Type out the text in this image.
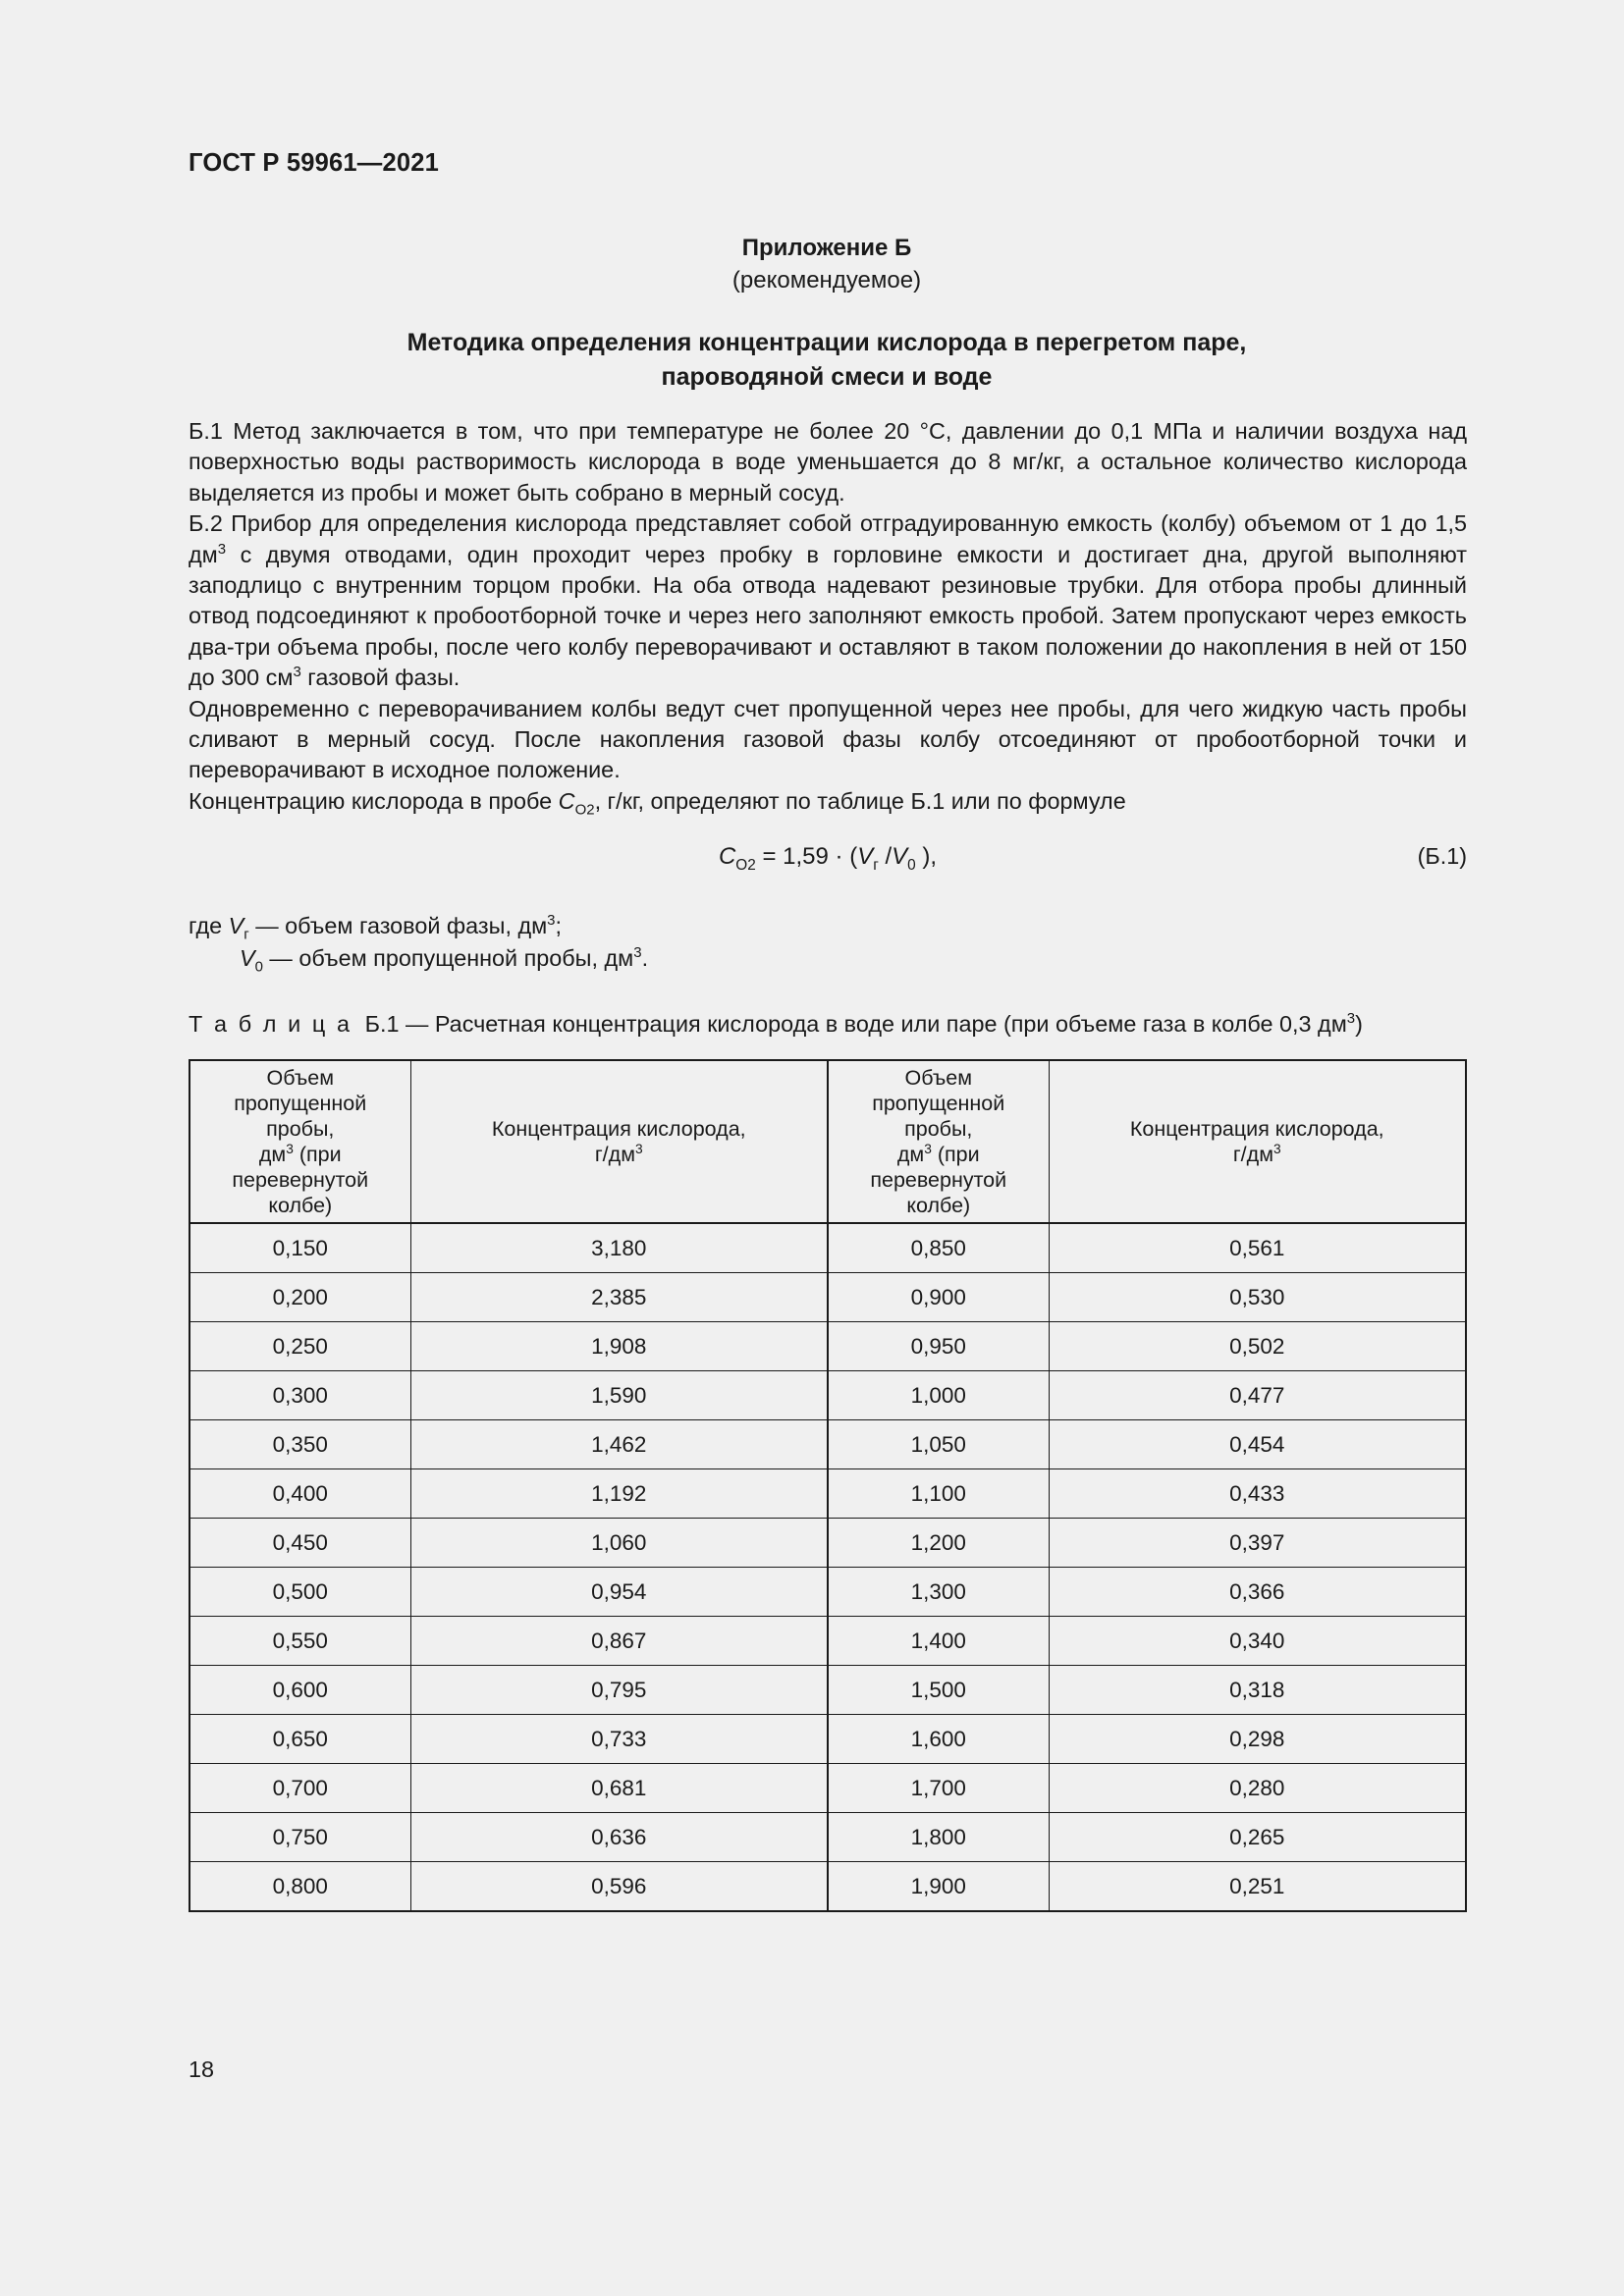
ГОСТ Р 59961—2021
Приложение Б
(рекомендуемое)
Методика определения концентрации кислорода в перегретом паре,
пароводяной смеси и воде

Б.1 Метод заключается в том, что при температуре не более 20 °C, давлении до 0,1 МПа и наличии воздуха над поверхностью воды растворимость кислорода в воде уменьшается до 8 мг/кг, а остальное количество кислорода выделяется из пробы и может быть собрано в мерный сосуд.

Б.2 Прибор для определения кислорода представляет собой отградуированную емкость (колбу) объемом от 1 до 1,5 $дм^3$ с двумя отводами, один проходит через пробку в горловине емкости и достигает дна, другой выполняют заподлицо с внутренним торцом пробки. На оба отвода надевают резиновые трубки. Для отбора пробы длинный отвод подсоединяют к пробоотборной точке и через него заполняют емкость пробой. Затем пропускают через емкость два-три объема пробы, после чего колбу переворачивают и оставляют в таком положении до накопления в ней от 150 до 300 $см^3$ газовой фазы.

Одновременно с переворачиванием колбы ведут счет пропущенной через нее пробы, для чего жидкую часть пробы сливают в мерный сосуд. После накопления газовой фазы колбу отсоединяют от пробоотборной точки и переворачивают в исходное положение.

Концентрацию кислорода в пробе $C_{O2}$, г/кг, определяют по таблице Б.1 или по формуле

$C_{O2} = 1,59 \cdot (V_г$ $/V_0$ ),	(Б.1)
где $V_г$ — объем газовой фазы, $дм^3$;
$V_0$ — объем пропущенной пробы, $дм^3$.
Т а б л и ц а Б.1 — Расчетная концентрация кислорода в воде или паре (при объеме газа в колбе 0,3 $дм^3$)
Объем пропущенной пробы,
$дм^3$ (при перевернутой
колбе)

Концентрация кислорода,
$г/дм^3$

Объем пропущенной пробы,
$дм^3$ (при перевернутой
колбе)

Концентрация кислорода,
$г/дм^3$

0,150	3,180	0,850	0,561
0,200	2,385	0,900	0,530
0,250	1,908	0,950	0,502
0,300	1,590	1,000	0,477
0,350	1,462	1,050	0,454
0,400	1,192	1,100	0,433
0,450	1,060	1,200	0,397
0,500	0,954	1,300	0,366
0,550	0,867	1,400	0,340
0,600	0,795	1,500	0,318
0,650	0,733	1,600	0,298
0,700	0,681	1,700	0,280
0,750	0,636	1,800	0,265
0,800	0,596	1,900	0,251
18
